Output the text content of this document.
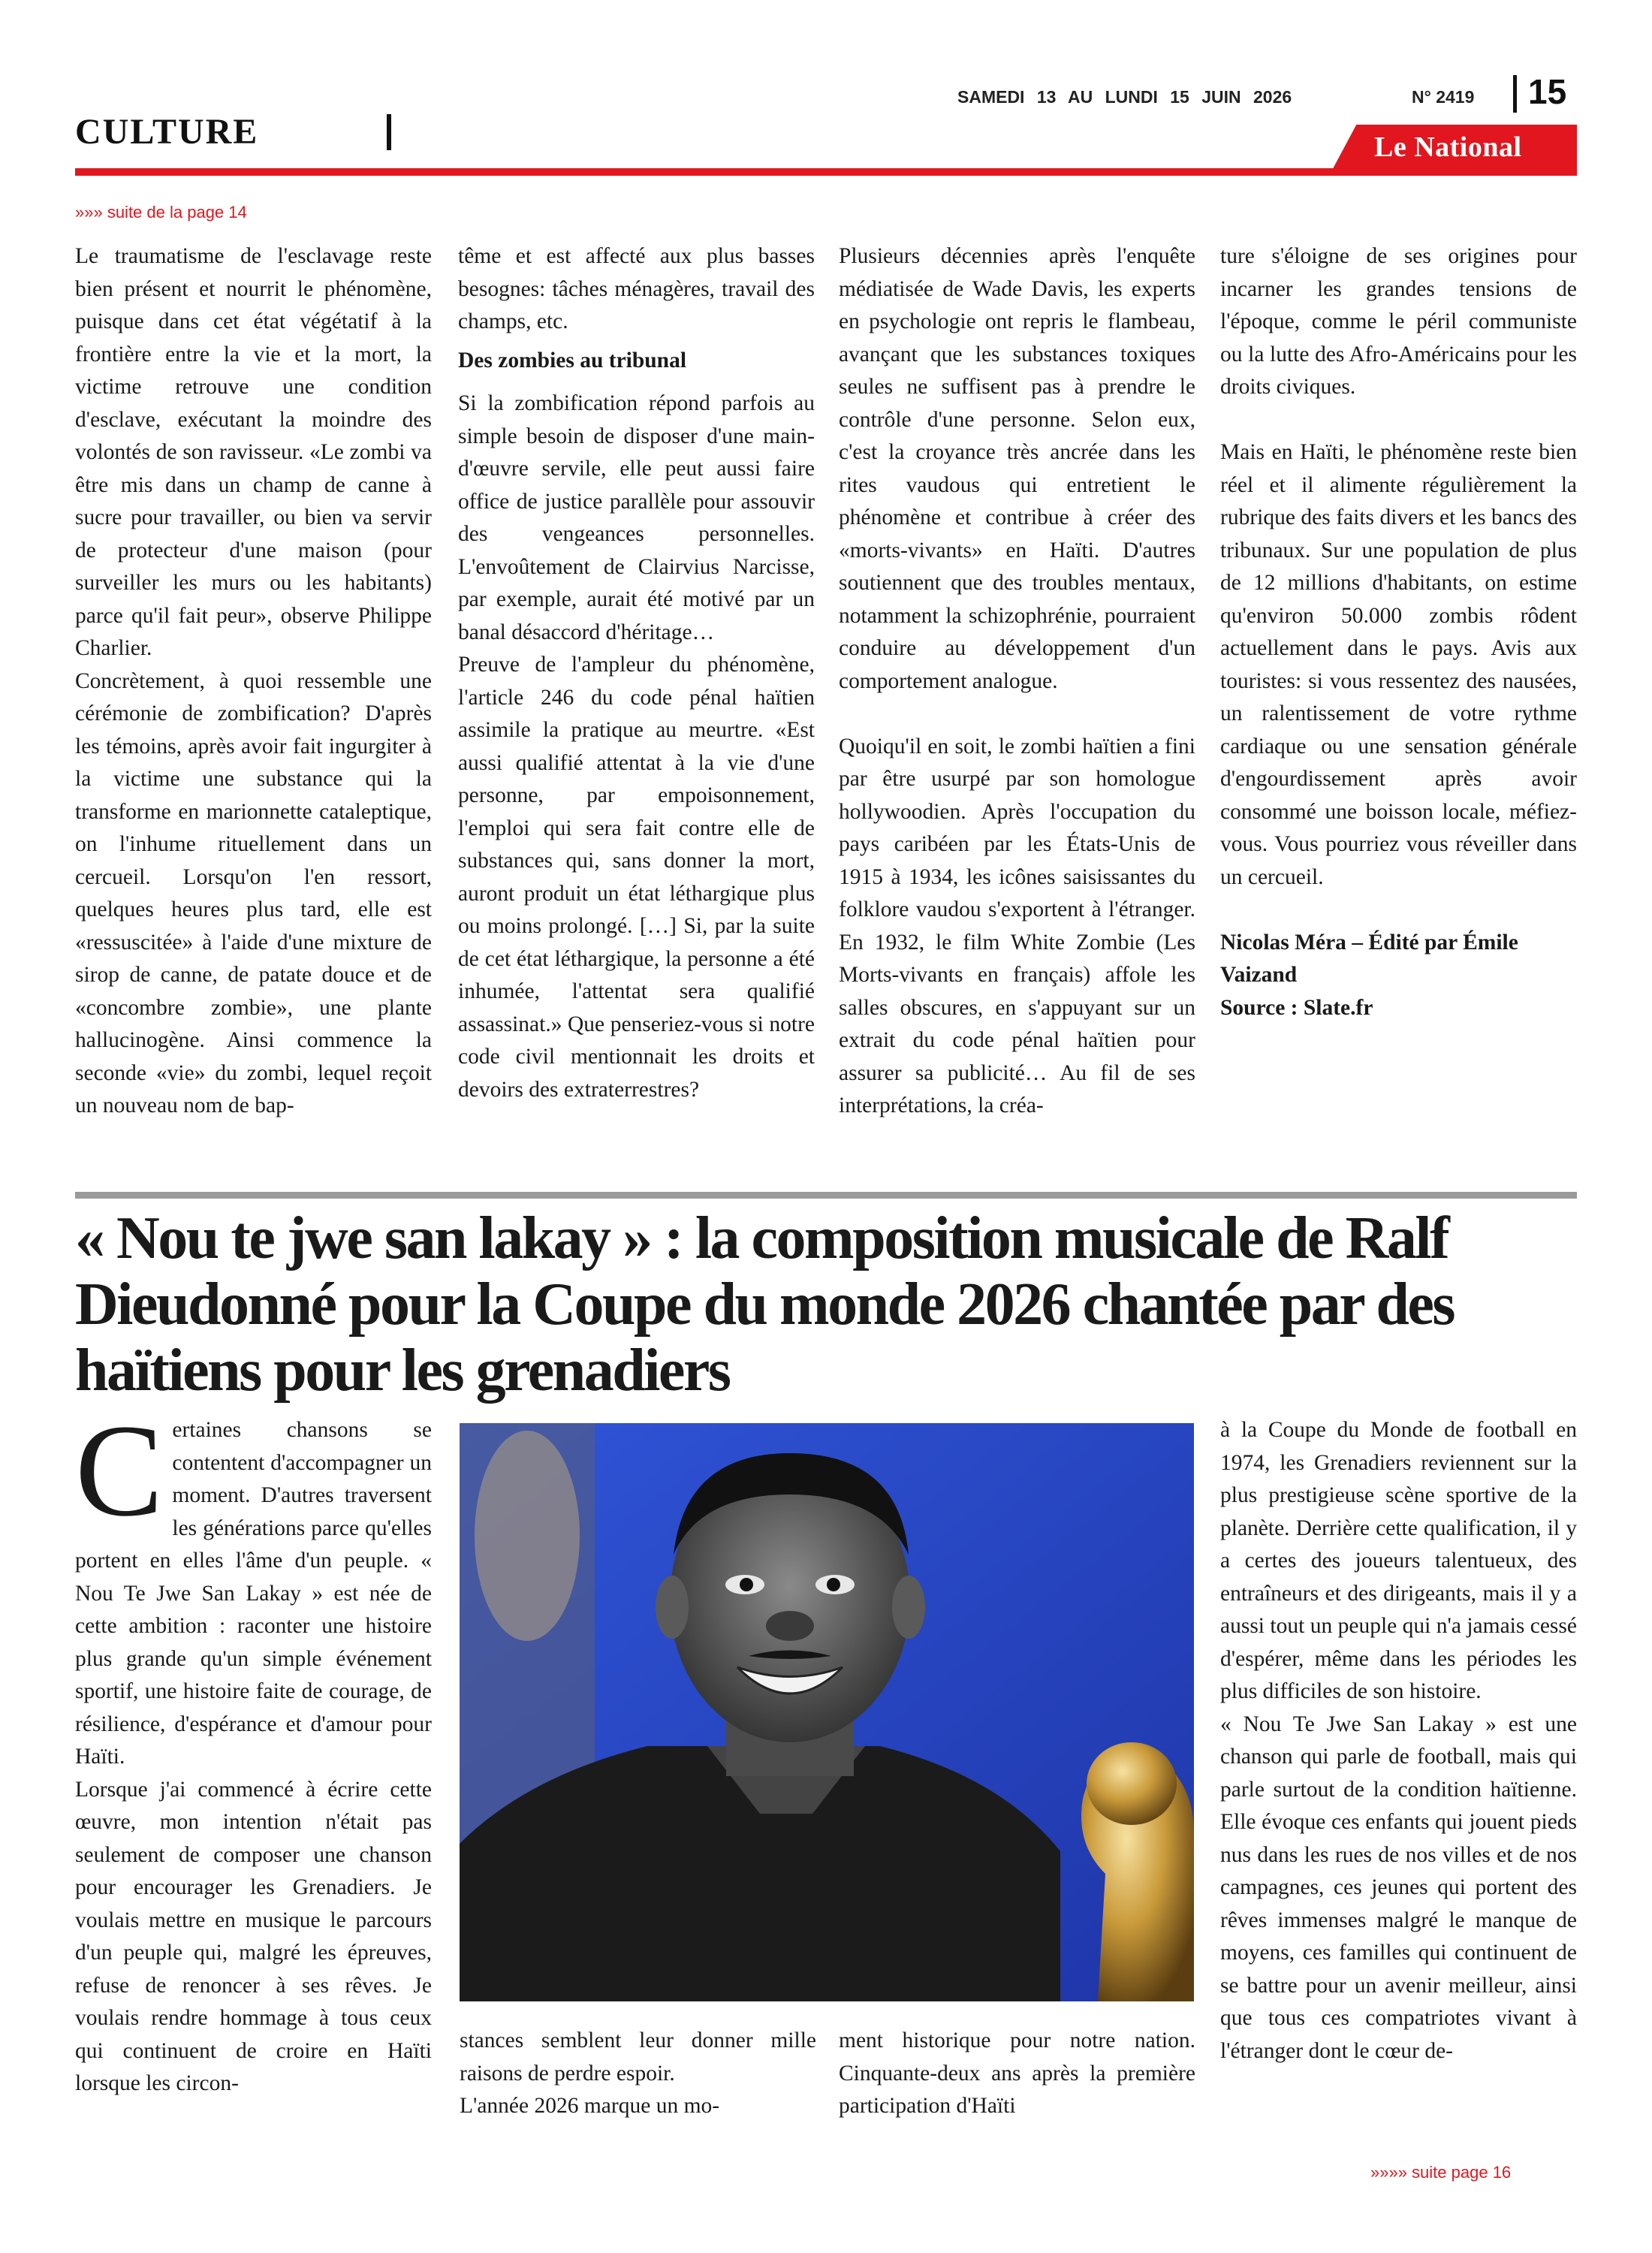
CULTURE
SAMEDI 13 AU LUNDI 15 JUIN 2026	N° 2419 15
Le National
»»» suite de la page 14

Le traumatisme de l'esclavage reste bien présent et nourrit le phénomène, puisque dans cet état végétatif à la frontière entre la vie et la mort, la victime retrouve une condition d'esclave, exécutant la moindre des volontés de son ravisseur. «Le zombi va être mis dans un champ de canne à sucre pour travailler, ou bien va servir de protecteur d'une maison (pour surveiller les murs ou les habitants) parce qu'il fait peur», observe Philippe Charlier.

Concrètement, à quoi ressemble une cérémonie de zombification? D'après les témoins, après avoir fait ingurgiter à la victime une substance qui la transforme en marionnette cataleptique, on l'inhume rituellement dans un cercueil. Lorsqu'on l'en ressort, quelques heures plus tard, elle est «ressuscitée» à l'aide d'une mixture de sirop de canne, de patate douce et de «concombre zombie», une plante hallucinogène. Ainsi commence la seconde «vie» du zombi, lequel reçoit un nouveau nom de bap-

tême et est affecté aux plus basses besognes: tâches ménagères, travail des champs, etc.

Des zombies au tribunal

Si la zombification répond parfois au simple besoin de disposer d'une main-d'œuvre servile, elle peut aussi faire office de justice parallèle pour assouvir des vengeances personnelles. L'envoûtement de Clairvius Narcisse, par exemple, aurait été motivé par un banal désaccord d'héritage…

Preuve de l'ampleur du phénomène, l'article 246 du code pénal haïtien assimile la pratique au meurtre. «Est aussi qualifié attentat à la vie d'une personne, par empoisonnement, l'emploi qui sera fait contre elle de substances qui, sans donner la mort, auront produit un état léthargique plus ou moins prolongé. […] Si, par la suite de cet état léthargique, la personne a été inhumée, l'attentat sera qualifié assassinat.» Que penseriez-vous si notre code civil mentionnait les droits et devoirs des extraterrestres?

Plusieurs décennies après l'enquête médiatisée de Wade Davis, les experts en psychologie ont repris le flambeau, avançant que les substances toxiques seules ne suffisent pas à prendre le contrôle d'une personne. Selon eux, c'est la croyance très ancrée dans les rites vaudous qui entretient le phénomène et contribue à créer des «morts-vivants» en Haïti. D'autres soutiennent que des troubles mentaux, notamment la schizophrénie, pourraient conduire au développement d'un comportement analogue.

Quoiqu'il en soit, le zombi haïtien a fini par être usurpé par son homologue hollywoodien. Après l'occupation du pays caribéen par les États-Unis de 1915 à 1934, les icônes saisissantes du folklore vaudou s'exportent à l'étranger. En 1932, le film White Zombie (Les Morts-vivants en français) affole les salles obscures, en s'appuyant sur un extrait du code pénal haïtien pour assurer sa publicité… Au fil de ses interprétations, la créa-

ture s'éloigne de ses origines pour incarner les grandes tensions de l'époque, comme le péril communiste ou la lutte des Afro-Américains pour les droits civiques.

Mais en Haïti, le phénomène reste bien réel et il alimente régulièrement la rubrique des faits divers et les bancs des tribunaux. Sur une population de plus de 12 millions d'habitants, on estime qu'environ 50.000 zombis rôdent actuellement dans le pays. Avis aux touristes: si vous ressentez des nausées, un ralentissement de votre rythme cardiaque ou une sensation générale d'engourdissement après avoir consommé une boisson locale, méfiez-vous. Vous pourriez vous réveiller dans un cercueil.

Nicolas Méra – Édité par Émile Vaizand

Source : Slate.fr

« Nou te jwe san lakay » : la composition musicale de Ralf Dieudonné pour la Coupe du monde 2026 chantée par des haïtiens pour les grenadiers
C ertaines chansons se contentent d'accompagner un moment. D'autres traversent les générations parce qu'elles portent en elles l'âme d'un peuple. « Nou Te Jwe San Lakay » est née de cette ambition : raconter une histoire plus grande qu'un simple événement sportif, une histoire faite de courage, de résilience, d'espérance et d'amour pour Haïti.

Lorsque j'ai commencé à écrire cette œuvre, mon intention n'était pas seulement de composer une chanson pour encourager les Grenadiers. Je voulais mettre en musique le parcours d'un peuple qui, malgré les épreuves, refuse de renoncer à ses rêves. Je voulais rendre hommage à tous ceux qui continuent de croire en Haïti lorsque les circon-

stances semblent leur donner mille raisons de perdre espoir.

L'année 2026 marque un mo-

ment historique pour notre nation. Cinquante-deux ans après la première participation d'Haïti

à la Coupe du Monde de football en 1974, les Grenadiers reviennent sur la plus prestigieuse scène sportive de la planète. Derrière cette qualification, il y a certes des joueurs talentueux, des entraîneurs et des dirigeants, mais il y a aussi tout un peuple qui n'a jamais cessé d'espérer, même dans les périodes les plus difficiles de son histoire.

« Nou Te Jwe San Lakay » est une chanson qui parle de football, mais qui parle surtout de la condition haïtienne. Elle évoque ces enfants qui jouent pieds nus dans les rues de nos villes et de nos campagnes, ces jeunes qui portent des rêves immenses malgré le manque de moyens, ces familles qui continuent de se battre pour un avenir meilleur, ainsi que tous ces compatriotes vivant à l'étranger dont le cœur de-

»»»» suite page 16
